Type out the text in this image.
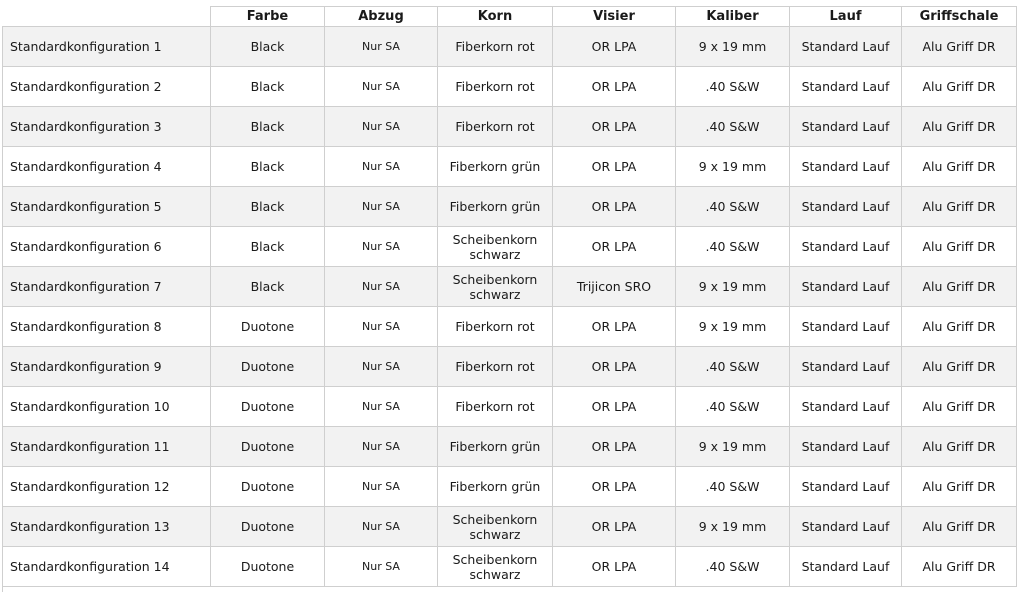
	Farbe	Abzug	Korn	Visier	Kaliber	Lauf	Griffschale
Standardkonfiguration 1	Black	Nur SA	Fiberkorn rot	OR LPA	9 x 19 mm	Standard Lauf	Alu Griff DR
Standardkonfiguration 2	Black	Nur SA	Fiberkorn rot	OR LPA	.40 S&W	Standard Lauf	Alu Griff DR
Standardkonfiguration 3	Black	Nur SA	Fiberkorn rot	OR LPA	.40 S&W	Standard Lauf	Alu Griff DR
Standardkonfiguration 4	Black	Nur SA	Fiberkorn grün	OR LPA	9 x 19 mm	Standard Lauf	Alu Griff DR
Standardkonfiguration 5	Black	Nur SA	Fiberkorn grün	OR LPA	.40 S&W	Standard Lauf	Alu Griff DR
Standardkonfiguration 6	Black	Nur SA	Scheibenkorn schwarz	OR LPA	.40 S&W	Standard Lauf	Alu Griff DR
Standardkonfiguration 7	Black	Nur SA	Scheibenkorn schwarz	Trijicon SRO	9 x 19 mm	Standard Lauf	Alu Griff DR
Standardkonfiguration 8	Duotone	Nur SA	Fiberkorn rot	OR LPA	9 x 19 mm	Standard Lauf	Alu Griff DR
Standardkonfiguration 9	Duotone	Nur SA	Fiberkorn rot	OR LPA	.40 S&W	Standard Lauf	Alu Griff DR
Standardkonfiguration 10	Duotone	Nur SA	Fiberkorn rot	OR LPA	.40 S&W	Standard Lauf	Alu Griff DR
Standardkonfiguration 11	Duotone	Nur SA	Fiberkorn grün	OR LPA	9 x 19 mm	Standard Lauf	Alu Griff DR
Standardkonfiguration 12	Duotone	Nur SA	Fiberkorn grün	OR LPA	.40 S&W	Standard Lauf	Alu Griff DR
Standardkonfiguration 13	Duotone	Nur SA	Scheibenkorn schwarz	OR LPA	9 x 19 mm	Standard Lauf	Alu Griff DR
Standardkonfiguration 14	Duotone	Nur SA	Scheibenkorn schwarz	OR LPA	.40 S&W	Standard Lauf	Alu Griff DR
